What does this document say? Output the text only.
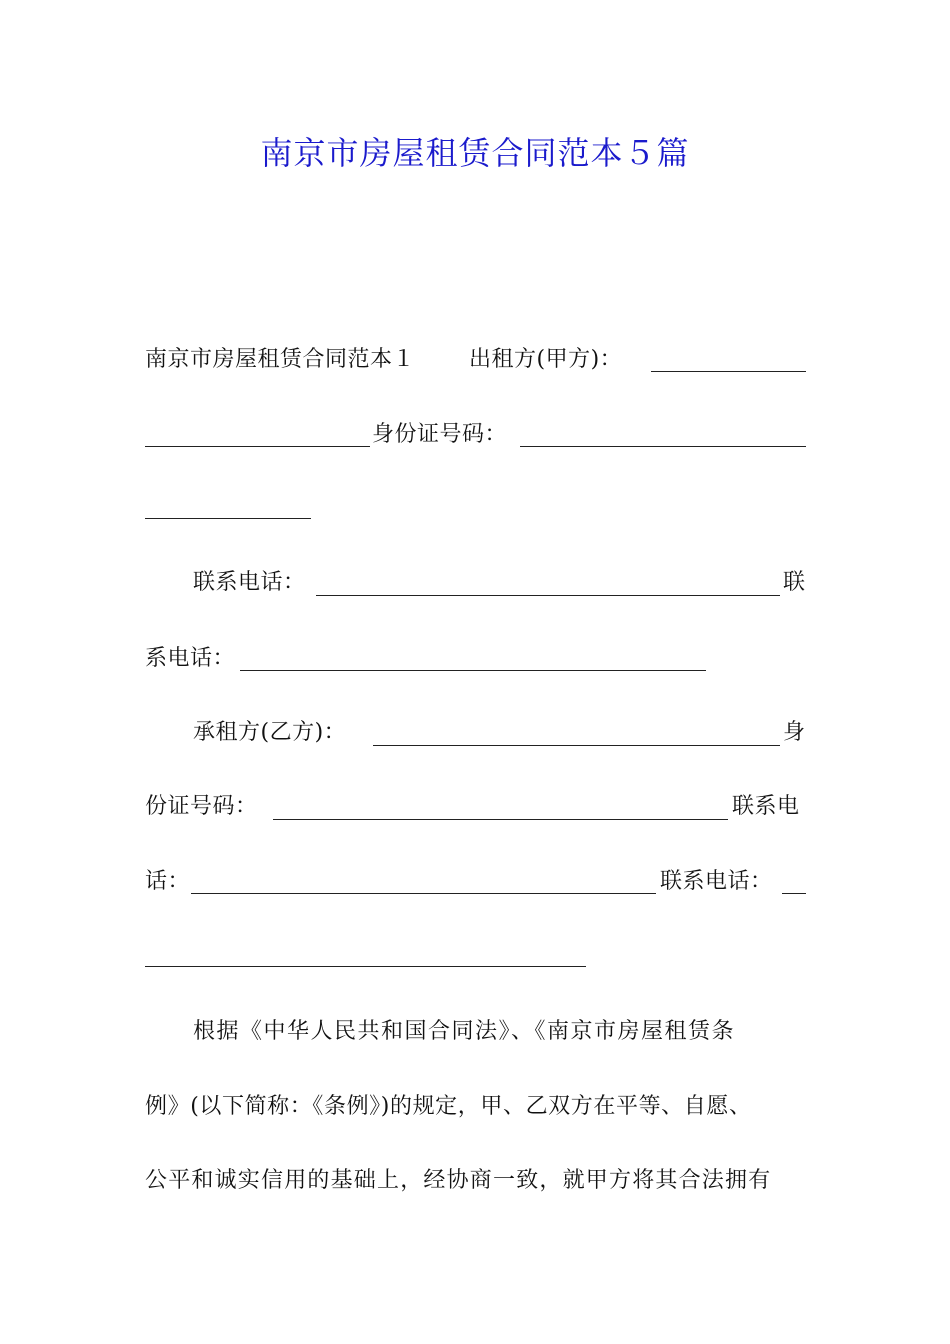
南京市房屋租赁合同范本５篇
南京市房屋租赁合同范本１ 出租方(甲方)：
身份证号码：
联系电话：	联
系电话：
承租方(乙方)：	身
份证号码：	联系电
话：	联系电话：
根据《中华人民共和国合同法》、《南京市房屋租赁条
例》(以下简称：《条例》)的规定，甲、乙双方在平等、自愿、
公平和诚实信用的基础上，经协商一致，就甲方将其合法拥有
